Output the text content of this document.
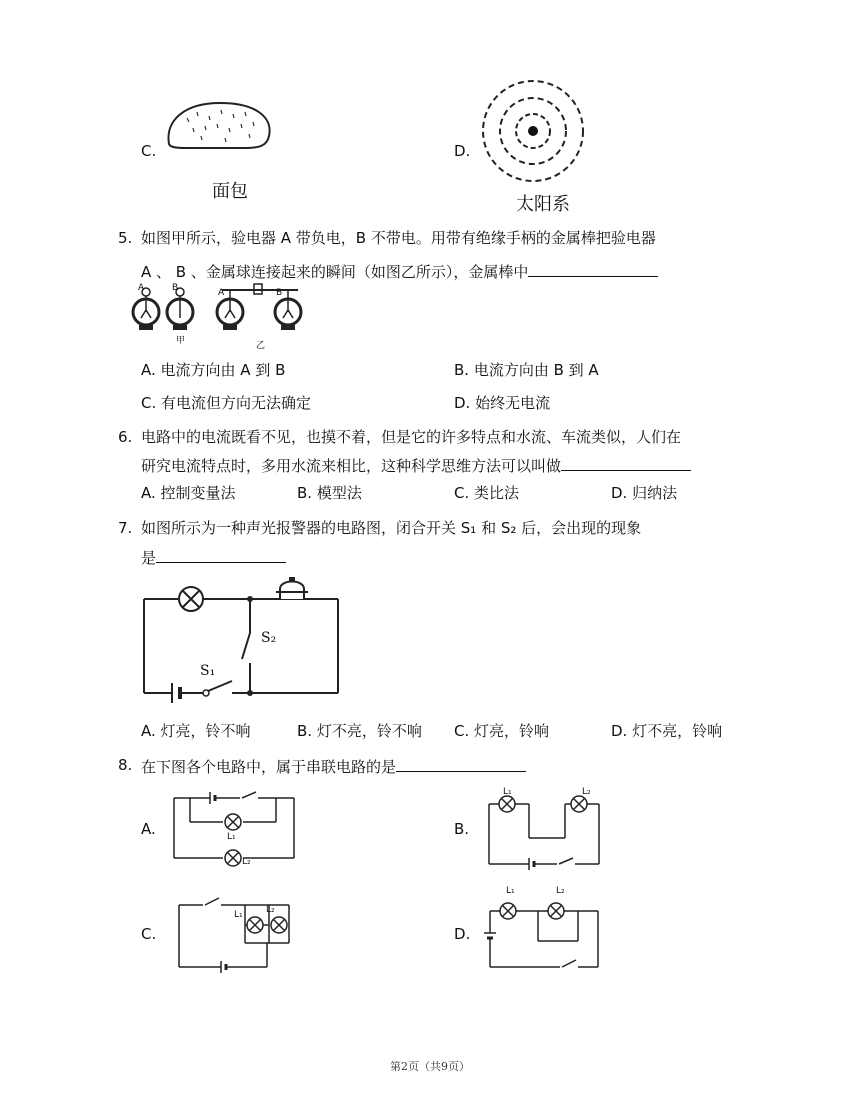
C.
面包
D.
太阳系
5. 如图甲所示，验电器 A 带负电，B 不带电。用带有绝缘手柄的金属棒把验电器
A 、 B 、金属球连接起来的瞬间（如图乙所示），金属棒中
A	B	A	B
甲	乙
A. 电流方向由 A 到 B	B. 电流方向由 B 到 A
C. 有电流但方向无法确定	D. 始终无电流
6. 电路中的电流既看不见，也摸不着，但是它的许多特点和水流、车流类似，人们在
研究电流特点时，多用水流来相比，这种科学思维方法可以叫做
A. 控制变量法	B. 模型法	C. 类比法	D. 归纳法
7. 如图所示为一种声光报警器的电路图，闭合开关 S₁ 和 S₂ 后，会出现的现象
是
S₂
S₁
A. 灯亮，铃不响	B. 灯不亮，铃不响 C. 灯亮，铃响	D. 灯不亮，铃响
8. 在下图各个电路中，属于串联电路的是
A.	L₁
L₂
B.
L₁	L₂
C.
L₁	L₂
D.
L₁	L₂
第2页（共9页）
